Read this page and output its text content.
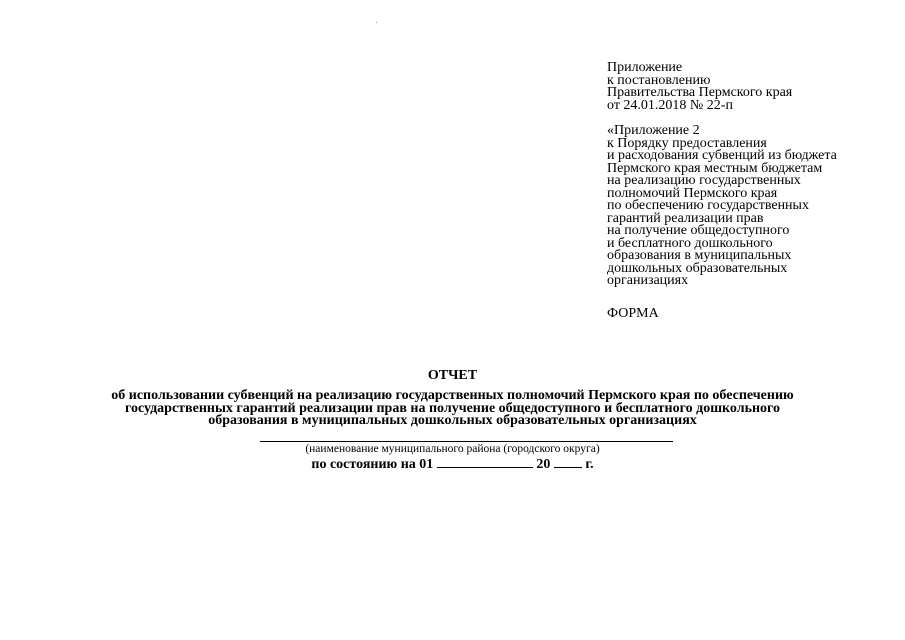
Приложение
к постановлению
Правительства Пермского края
от 24.01.2018 № 22-п
«Приложение 2
к Порядку предоставления
и расходования субвенций из бюджета
Пермского края местным бюджетам
на реализацию государственных
полномочий Пермского края
по обеспечению государственных
гарантий реализации прав
на получение общедоступного
и бесплатного дошкольного
образования в муниципальных
дошкольных образовательных
организациях
ФОРМА
ОТЧЕТ
об использовании субвенций на реализацию государственных полномочий Пермского края по обеспечению
государственных гарантий реализации прав на получение общедоступного и бесплатного дошкольного
образования в муниципальных дошкольных образовательных организациях
(наименование муниципального района (городского округа)
по состоянию на 01	20	г.
